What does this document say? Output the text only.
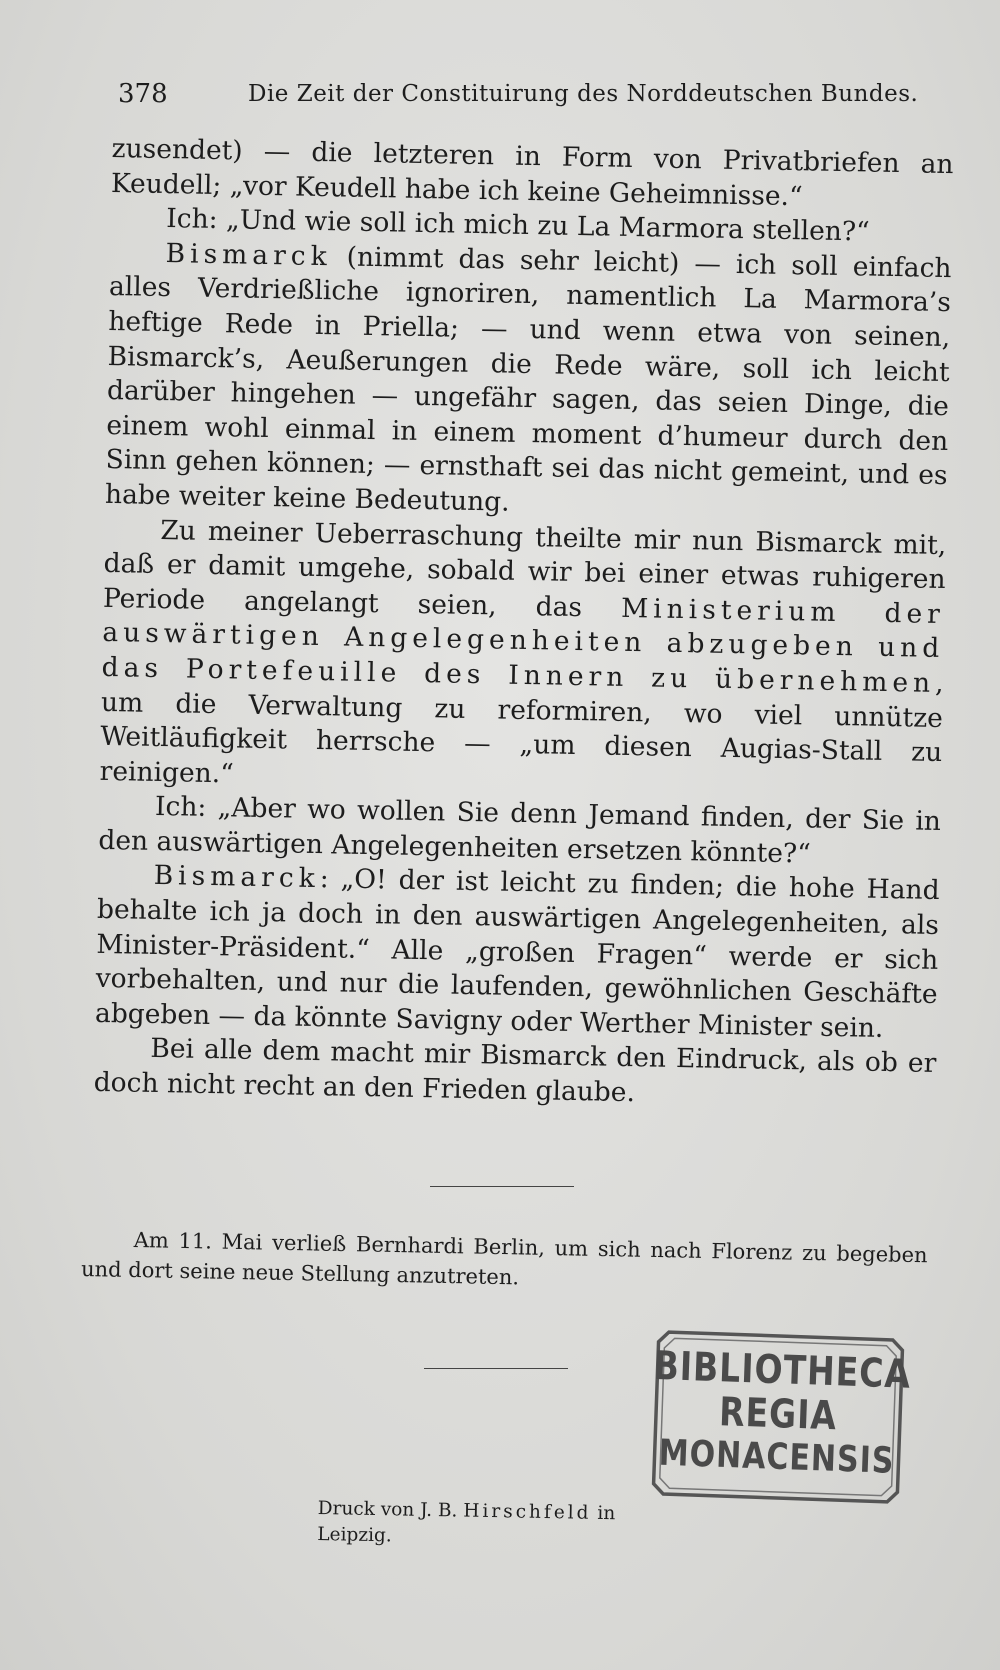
378	Die Zeit der Constituirung des Norddeutschen Bundes.

zusendet) — die letzteren in Form von Privatbriefen an Keudell; „vor Keudell habe ich keine Geheimnisse.“

Ich: „Und wie soll ich mich zu La Marmora stellen?“

Bismarck (nimmt das sehr leicht) — ich soll einfach alles Verdrießliche ignoriren, namentlich La Marmora’s heftige Rede in Priella; — und wenn etwa von seinen, Bismarck’s, Aeußerungen die Rede wäre, soll ich leicht darüber hingehen — ungefähr sagen, das seien Dinge, die einem wohl einmal in einem moment d’humeur durch den Sinn gehen können; — ernsthaft sei das nicht gemeint, und es habe weiter keine Bedeutung.

Zu meiner Ueberraschung theilte mir nun Bismarck mit, daß er damit umgehe, sobald wir bei einer etwas ruhigeren Periode angelangt seien, das Ministerium der auswärtigen Angelegenheiten abzugeben und das Portefeuille des Innern zu übernehmen, um die Verwaltung zu reformiren, wo viel unnütze Weitläufigkeit herrsche — „um diesen Augias-Stall zu reinigen.“

Ich: „Aber wo wollen Sie denn Jemand finden, der Sie in den auswärtigen Angelegenheiten ersetzen könnte?“

Bismarck: „O! der ist leicht zu finden; die hohe Hand behalte ich ja doch in den auswärtigen Angelegenheiten, als Minister-Präsident.“ Alle „großen Fragen“ werde er sich vorbehalten, und nur die laufenden, gewöhnlichen Geschäfte abgeben — da könnte Savigny oder Werther Minister sein.

Bei alle dem macht mir Bismarck den Eindruck, als ob er doch nicht recht an den Frieden glaube.

Am 11. Mai verließ Bernhardi Berlin, um sich nach Florenz zu begeben und dort seine neue Stellung anzutreten.

BIBLIOTHECA
REGIA
MONACENSIS
Druck von J. B. Hirschfeld in Leipzig.
